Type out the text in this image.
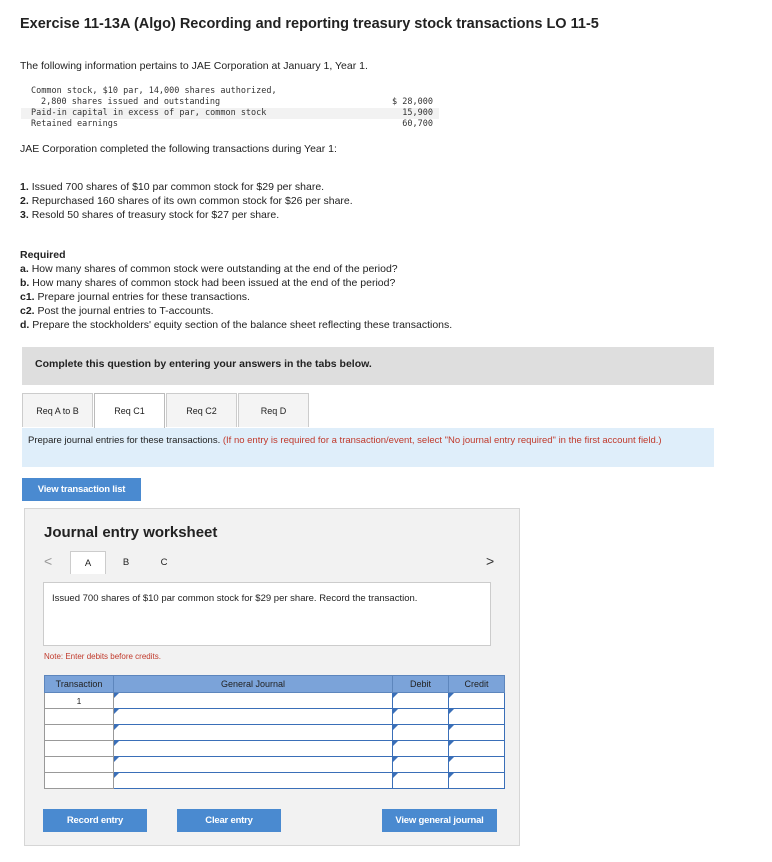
Exercise 11-13A (Algo) Recording and reporting treasury stock transactions LO 11-5
The following information pertains to JAE Corporation at January 1, Year 1.
Common stock, $10 par, 14,000 shares authorized,
2,800 shares issued and outstanding	$ 28,000
Paid-in capital in excess of par, common stock	15,900
Retained earnings	60,700
JAE Corporation completed the following transactions during Year 1:
1. Issued 700 shares of $10 par common stock for $29 per share.
2. Repurchased 160 shares of its own common stock for $26 per share.
3. Resold 50 shares of treasury stock for $27 per share.
Required
a. How many shares of common stock were outstanding at the end of the period?
b. How many shares of common stock had been issued at the end of the period?
c1. Prepare journal entries for these transactions.
c2. Post the journal entries to T-accounts.
d. Prepare the stockholders' equity section of the balance sheet reflecting these transactions.
Complete this question by entering your answers in the tabs below.
Req A to B	Req C1	Req C2	Req D
Prepare journal entries for these transactions. (If no entry is required for a transaction/event, select "No journal entry required" in the first account field.)
View transaction list
Journal entry worksheet
<	>
A	B	C
Issued 700 shares of $10 par common stock for $29 per share. Record the transaction.
Note: Enter debits before credits.
Transaction	General Journal	Debit	Credit
1	

Record entry	Clear entry	View general journal
